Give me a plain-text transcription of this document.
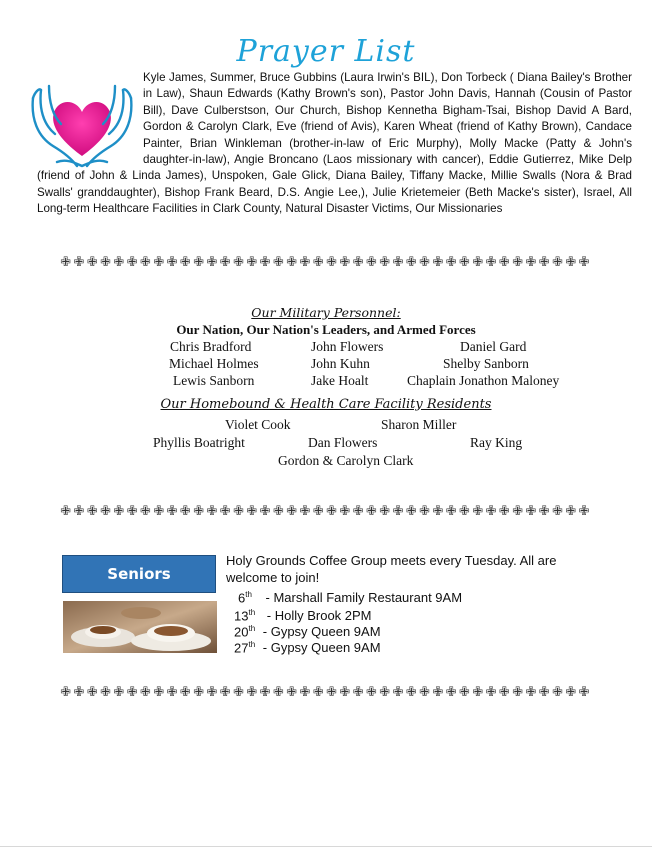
Prayer List
Kyle James, Summer, Bruce Gubbins (Laura Irwin's BIL), Don Torbeck ( Diana Bailey's Brother in Law), Shaun Edwards (Kathy Brown's son), Pastor John Davis, Hannah (Cousin of Pastor Bill), Dave Culberstson, Our Church, Bishop Kennetha Bigham-Tsai, Bishop David A Bard, Gordon & Carolyn Clark, Eve (friend of Avis), Karen Wheat (friend of Kathy Brown), Candace Painter, Brian Winkleman (brother-in-law of Eric Murphy), Molly Macke (Patty & John's daughter-in-law), Angie Broncano (Laos missionary with cancer), Eddie Gutierrez, Mike Delp (friend of John & Linda James), Unspoken, Gale Glick, Diana Bailey, Tiffany Macke, Millie Swalls (Nora & Brad Swalls' granddaughter), Bishop Frank Beard, D.S. Angie Lee,), Julie Krietemeier (Beth Macke's sister), Israel, All Long-term Healthcare Facilities in Clark County, Natural Disaster Victims, Our Missionaries
✙✙✙✙✙✙✙✙✙✙✙✙✙✙✙✙✙✙✙✙✙✙✙✙✙✙✙✙✙✙✙✙✙✙✙✙✙✙✙✙
Our Military Personnel:
Our Nation, Our Nation's Leaders, and Armed Forces
Chris Bradford	John Flowers	Daniel Gard
Michael Holmes	John Kuhn	Shelby Sanborn
Lewis Sanborn	Jake Hoalt	Chaplain Jonathon Maloney
Our Homebound & Health Care Facility Residents
Violet Cook	Sharon Miller
Phyllis Boatright	Dan Flowers	Ray King
Gordon & Carolyn Clark
✙✙✙✙✙✙✙✙✙✙✙✙✙✙✙✙✙✙✙✙✙✙✙✙✙✙✙✙✙✙✙✙✙✙✙✙✙✙✙✙
Seniors
Holy Grounds Coffee Group meets every Tuesday. All are welcome to join!
6th - Marshall Family Restaurant 9AM
13th - Holly Brook 2PM
20th - Gypsy Queen 9AM
27th - Gypsy Queen 9AM
✙✙✙✙✙✙✙✙✙✙✙✙✙✙✙✙✙✙✙✙✙✙✙✙✙✙✙✙✙✙✙✙✙✙✙✙✙✙✙✙
